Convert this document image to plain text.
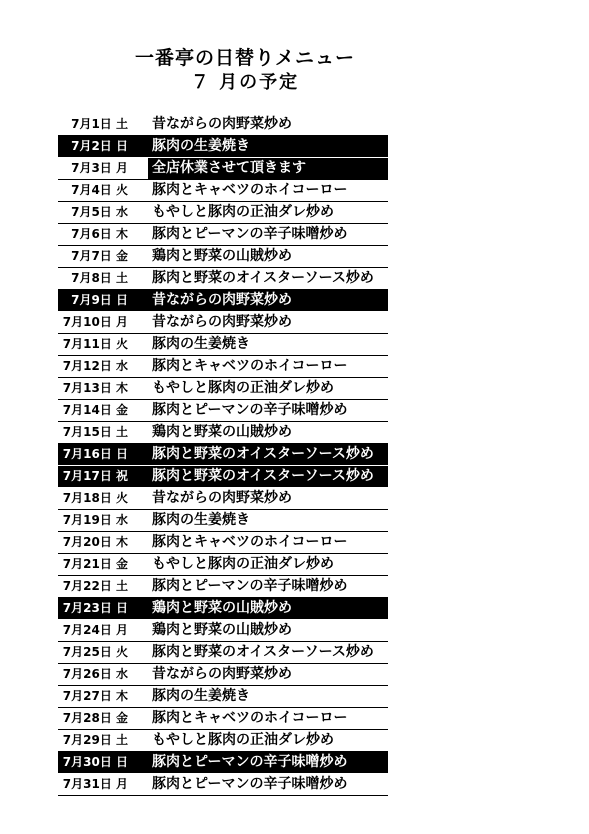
一番亭の日替りメニュー
７ 月の予定
7月1日 土 昔ながらの肉野菜炒め
7月2日 日 豚肉の生姜焼き
7月3日 月 全店休業させて頂きます
7月4日 火 豚肉とキャベツのホイコーロー
7月5日 水 もやしと豚肉の正油ダレ炒め
7月6日 木 豚肉とピーマンの辛子味噌炒め
7月7日 金 鶏肉と野菜の山賊炒め
7月8日 土 豚肉と野菜のオイスターソース炒め
7月9日 日 昔ながらの肉野菜炒め
7月10日 月 昔ながらの肉野菜炒め
7月11日 火 豚肉の生姜焼き
7月12日 水 豚肉とキャベツのホイコーロー
7月13日 木 もやしと豚肉の正油ダレ炒め
7月14日 金 豚肉とピーマンの辛子味噌炒め
7月15日 土 鶏肉と野菜の山賊炒め
7月16日 日 豚肉と野菜のオイスターソース炒め
7月17日 祝 豚肉と野菜のオイスターソース炒め
7月18日 火 昔ながらの肉野菜炒め
7月19日 水 豚肉の生姜焼き
7月20日 木 豚肉とキャベツのホイコーロー
7月21日 金 もやしと豚肉の正油ダレ炒め
7月22日 土 豚肉とピーマンの辛子味噌炒め
7月23日 日 鶏肉と野菜の山賊炒め
7月24日 月 鶏肉と野菜の山賊炒め
7月25日 火 豚肉と野菜のオイスターソース炒め
7月26日 水 昔ながらの肉野菜炒め
7月27日 木 豚肉の生姜焼き
7月28日 金 豚肉とキャベツのホイコーロー
7月29日 土 もやしと豚肉の正油ダレ炒め
7月30日 日 豚肉とピーマンの辛子味噌炒め
7月31日 月 豚肉とピーマンの辛子味噌炒め
